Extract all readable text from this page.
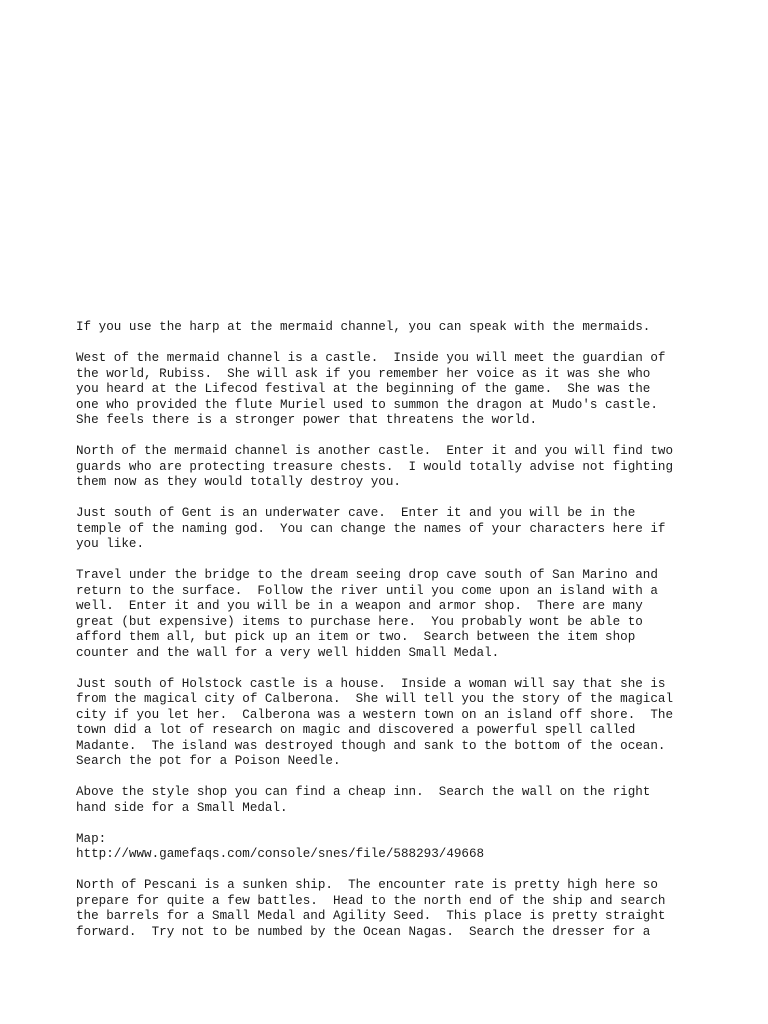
If you use the harp at the mermaid channel, you can speak with the mermaids.
West of the mermaid channel is a castle.  Inside you will meet the guardian of
the world, Rubiss.  She will ask if you remember her voice as it was she who
you heard at the Lifecod festival at the beginning of the game.  She was the
one who provided the flute Muriel used to summon the dragon at Mudo's castle.
She feels there is a stronger power that threatens the world.
North of the mermaid channel is another castle.  Enter it and you will find two
guards who are protecting treasure chests.  I would totally advise not fighting
them now as they would totally destroy you.
Just south of Gent is an underwater cave.  Enter it and you will be in the
temple of the naming god.  You can change the names of your characters here if
you like.
Travel under the bridge to the dream seeing drop cave south of San Marino and
return to the surface.  Follow the river until you come upon an island with a
well.  Enter it and you will be in a weapon and armor shop.  There are many
great (but expensive) items to purchase here.  You probably wont be able to
afford them all, but pick up an item or two.  Search between the item shop
counter and the wall for a very well hidden Small Medal.
Just south of Holstock castle is a house.  Inside a woman will say that she is
from the magical city of Calberona.  She will tell you the story of the magical
city if you let her.  Calberona was a western town on an island off shore.  The
town did a lot of research on magic and discovered a powerful spell called
Madante.  The island was destroyed though and sank to the bottom of the ocean.
Search the pot for a Poison Needle.
Above the style shop you can find a cheap inn.  Search the wall on the right
hand side for a Small Medal.
Map:
http://www.gamefaqs.com/console/snes/file/588293/49668
North of Pescani is a sunken ship.  The encounter rate is pretty high here so
prepare for quite a few battles.  Head to the north end of the ship and search
the barrels for a Small Medal and Agility Seed.  This place is pretty straight
forward.  Try not to be numbed by the Ocean Nagas.  Search the dresser for a
